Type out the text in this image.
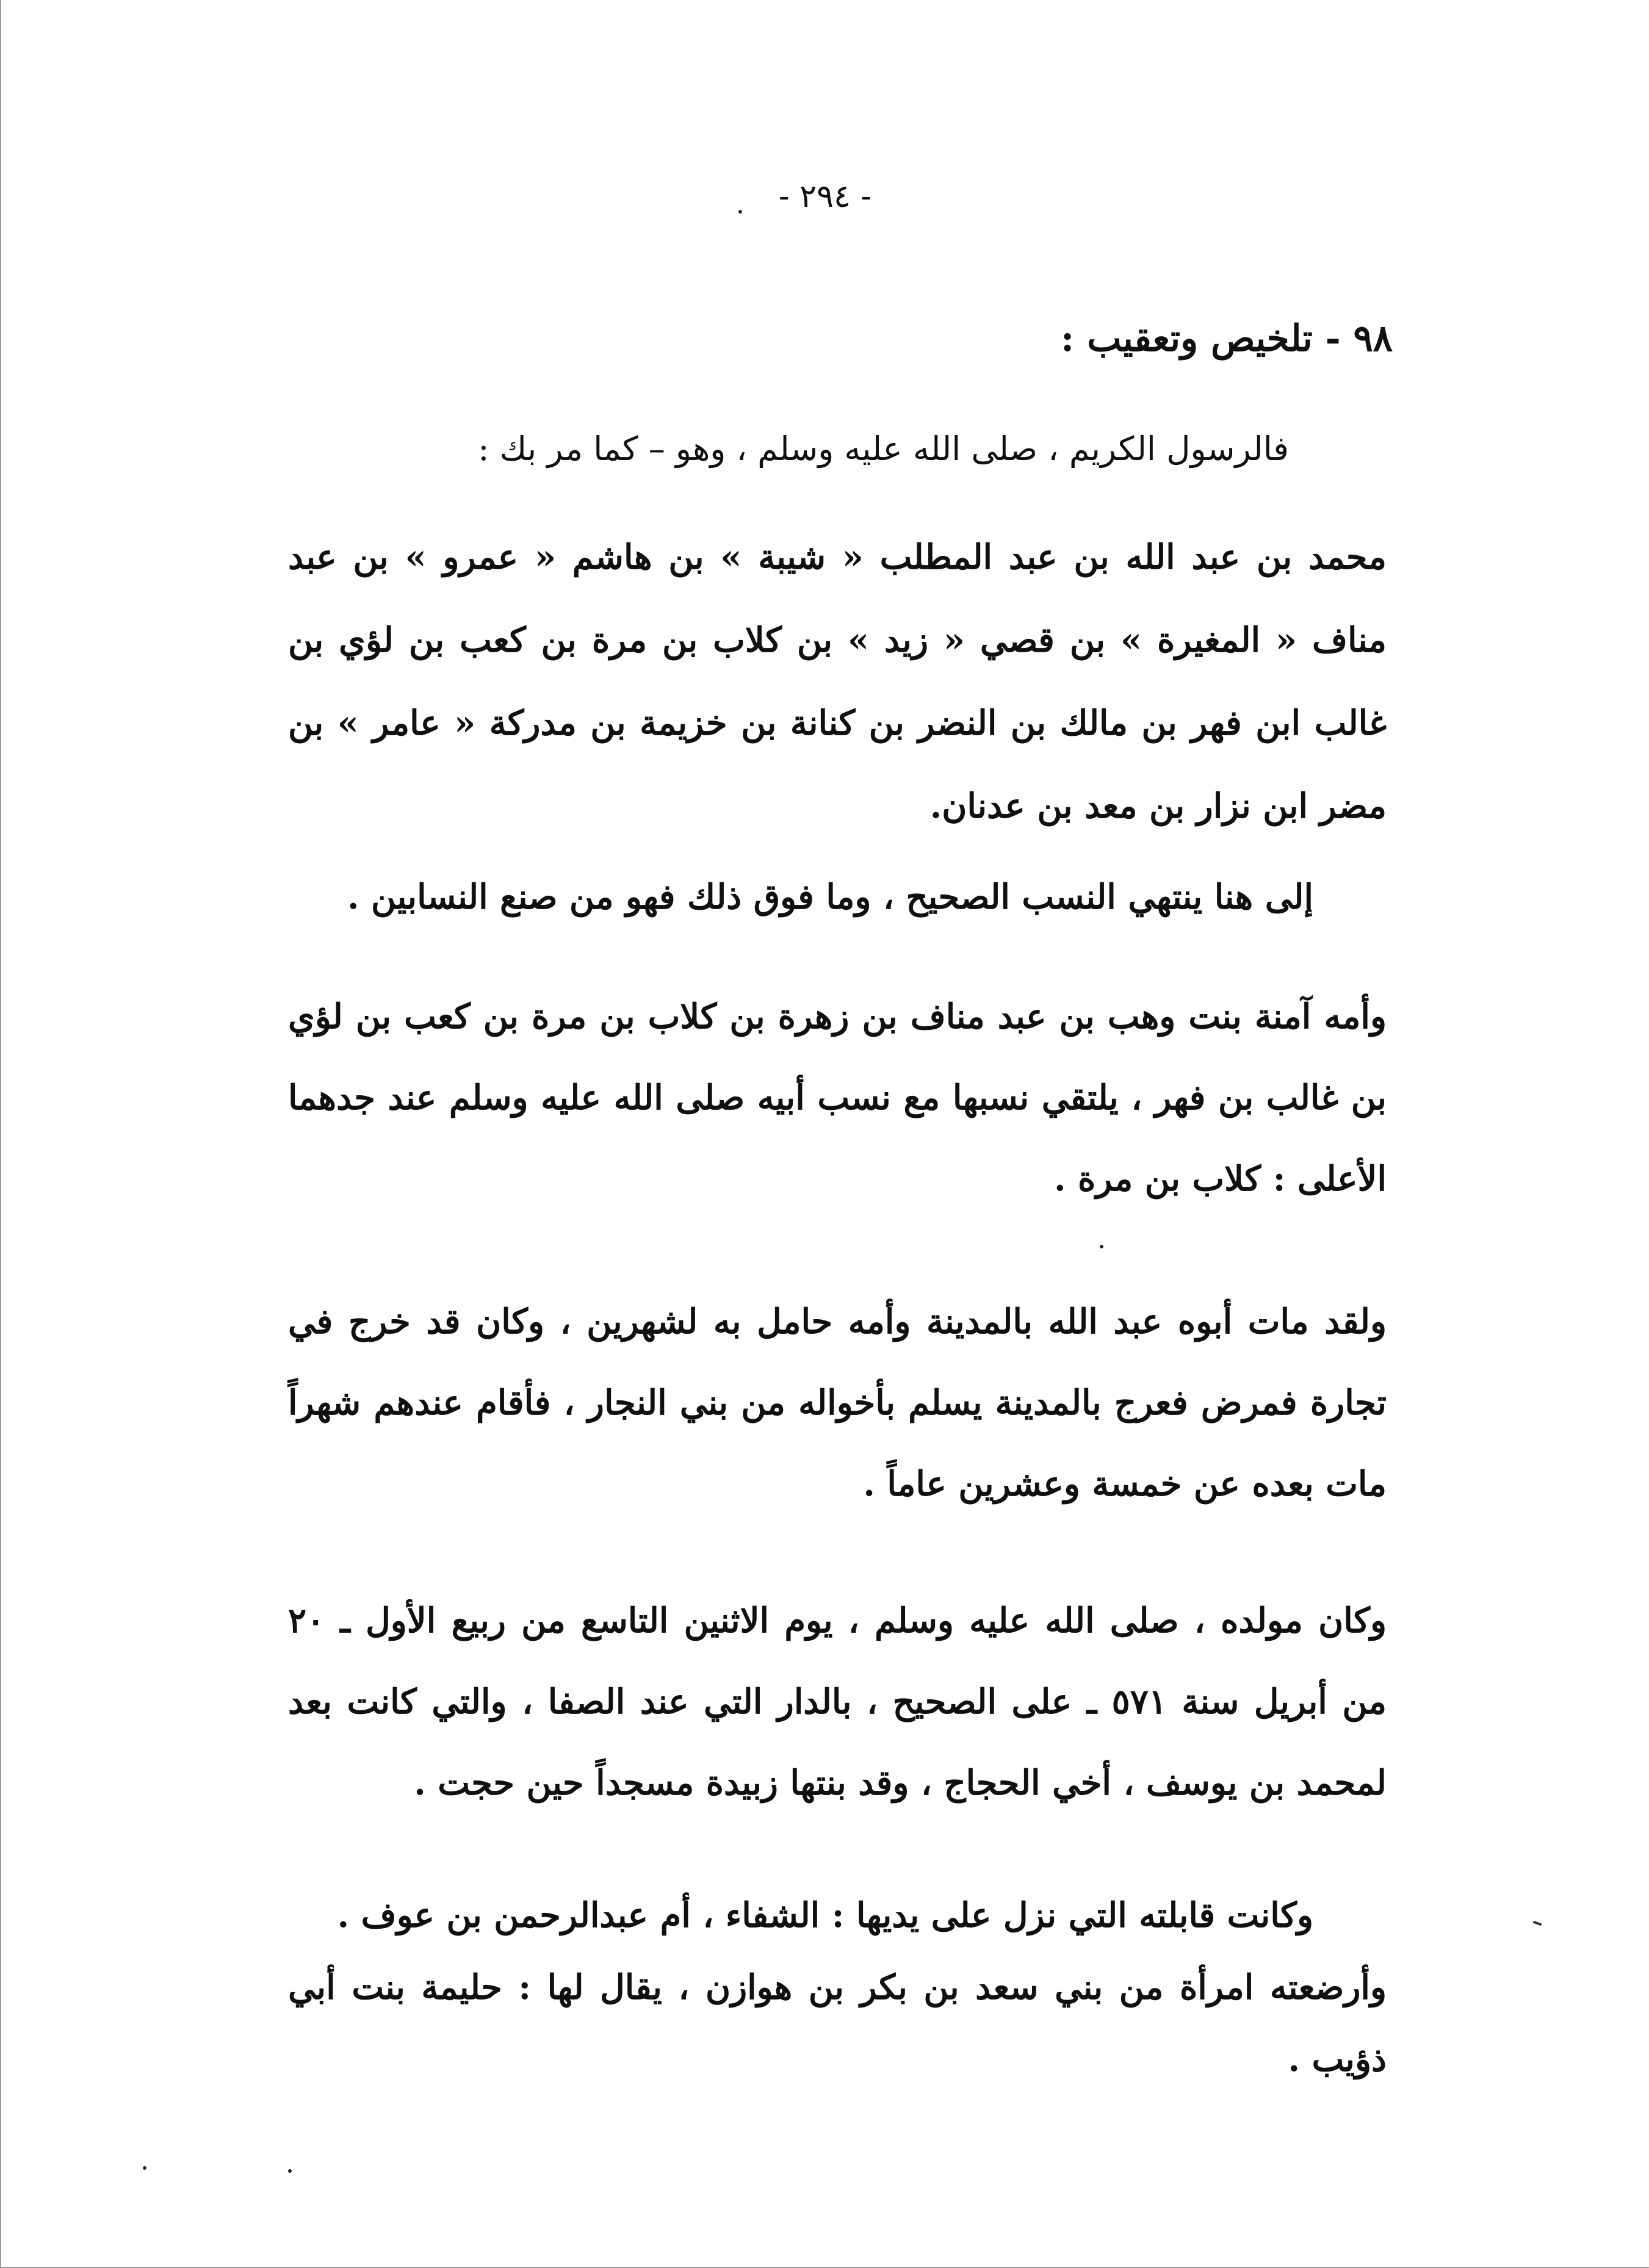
- ٢٩٤ -
٩٨ - تلخيص وتعقيب :
فالرسول الكريم ، صلى الله عليه وسلم ، وهو – كما مر بك :
محمد بن عبد الله بن عبد المطلب « شيبة » بن هاشم « عمرو » بن عبد مناف « المغيرة » بن قصي « زيد » بن كلاب بن مرة بن كعب بن لؤي بن غالب ابن فهر بن مالك بن النضر بن كنانة بن خزيمة بن مدركة « عامر » بن مضر ابن نزار بن معد بن عدنان.
إلى هنا ينتهي النسب الصحيح ، وما فوق ذلك فهو من صنع النسابين .
وأمه آمنة بنت وهب بن عبد مناف بن زهرة بن كلاب بن مرة بن كعب بن لؤي بن غالب بن فهر ، يلتقي نسبها مع نسب أبيه صلى الله عليه وسلم عند جدهما الأعلى : كلاب بن مرة .
ولقد مات أبوه عبد الله بالمدينة وأمه حامل به لشهرين ، وكان قد خرج في تجارة فمرض فعرج بالمدينة يسلم بأخواله من بني النجار ، فأقام عندهم شهراً مات بعده عن خمسة وعشرين عاماً .
وكان مولده ، صلى الله عليه وسلم ، يوم الاثنين التاسع من ربيع الأول ـ ٢٠ من أبريل سنة ٥٧١ ـ على الصحيح ، بالدار التي عند الصفا ، والتي كانت بعد لمحمد بن يوسف ، أخي الحجاج ، وقد بنتها زبيدة مسجداً حين حجت .
وكانت قابلته التي نزل على يديها : الشفاء ، أم عبدالرحمن بن عوف .
وأرضعته امرأة من بني سعد بن بكر بن هوازن ، يقال لها : حليمة بنت أبي ذؤيب .
